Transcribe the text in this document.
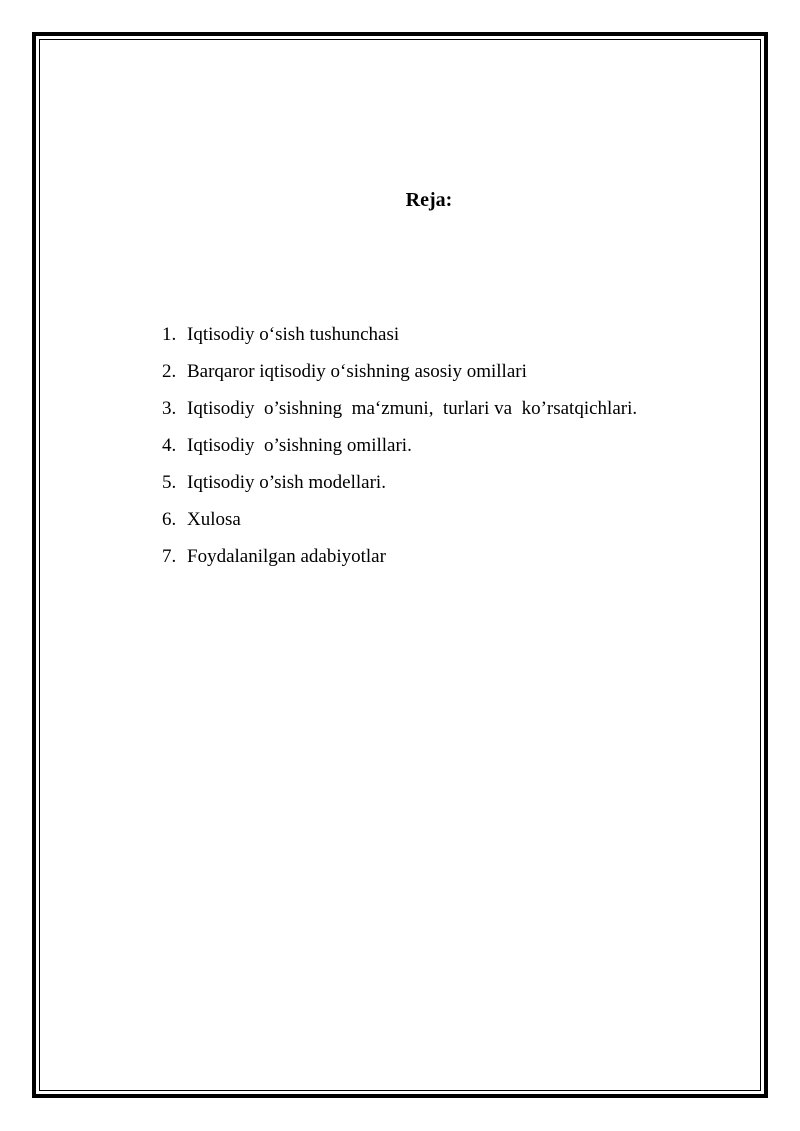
Reja:
1. Iqtisodiy o‘sish tushunchasi
2. Barqaror iqtisodiy o‘sishning asosiy omillari
3. Iqtisodiy  o’sishning  ma‘zmuni,  turlari va  ko’rsatqichlari.
4. Iqtisodiy  o’sishning omillari.
5. Iqtisodiy o’sish modellari.
6. Xulosa
7. Foydalanilgan adabiyotlar
